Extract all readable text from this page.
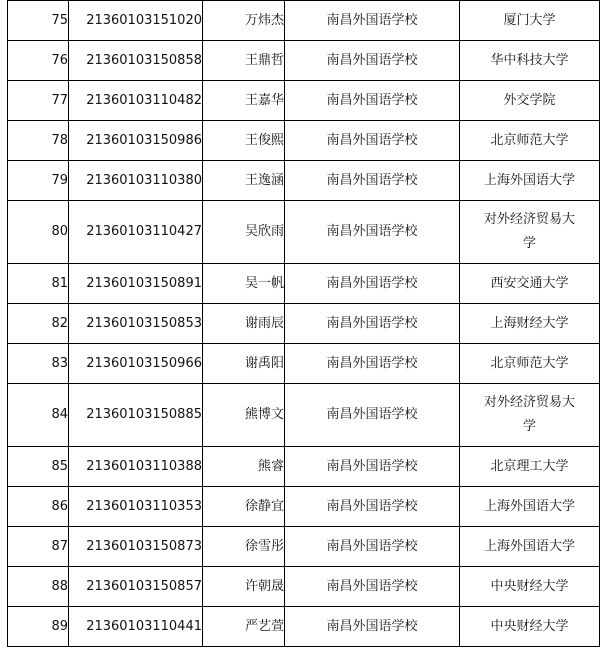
75	21360103151020	万炜杰	南昌外国语学校	厦门大学
76	21360103150858	王鼎哲	南昌外国语学校	华中科技大学
77	21360103110482	王嘉华	南昌外国语学校	外交学院
78	21360103150986	王俊熙	南昌外国语学校	北京师范大学
79	21360103110380	王逸涵	南昌外国语学校	上海外国语大学
80	21360103110427	吴欣雨	南昌外国语学校	对外经济贸易大
学

81	21360103150891	吴一帆	南昌外国语学校	西安交通大学
82	21360103150853	谢雨辰	南昌外国语学校	上海财经大学
83	21360103150966	谢禹阳	南昌外国语学校	北京师范大学
84	21360103150885	熊博文	南昌外国语学校	对外经济贸易大
学

85	21360103110388	熊睿	南昌外国语学校	北京理工大学
86	21360103110353	徐静宜	南昌外国语学校	上海外国语大学
87	21360103150873	徐雪彤	南昌外国语学校	上海外国语大学
88	21360103150857	许朝晟	南昌外国语学校	中央财经大学
89	21360103110441	严艺萱	南昌外国语学校	中央财经大学
